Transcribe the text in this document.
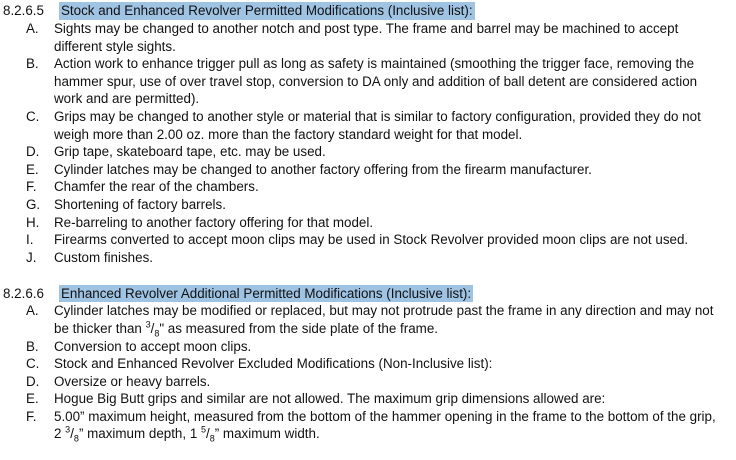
8.2.6.5	Stock and Enhanced Revolver Permitted Modifications (Inclusive list):
A.	Sights may be changed to another notch and post type. The frame and barrel may be machined to accept different style sights.
B.	Action work to enhance trigger pull as long as safety is maintained (smoothing the trigger face, removing the hammer spur, use of over travel stop, conversion to DA only and addition of ball detent are considered action work and are permitted).
C.	Grips may be changed to another style or material that is similar to factory configuration, provided they do not weigh more than 2.00 oz. more than the factory standard weight for that model.
D.	Grip tape, skateboard tape, etc. may be used.
E.	Cylinder latches may be changed to another factory offering from the firearm manufacturer.
F.	Chamfer the rear of the chambers.
G.	Shortening of factory barrels.
H.	Re-barreling to another factory offering for that model.
I.	Firearms converted to accept moon clips may be used in Stock Revolver provided moon clips are not used.
J.	Custom finishes.
8.2.6.6	Enhanced Revolver Additional Permitted Modifications (Inclusive list):
A.	Cylinder latches may be modified or replaced, but may not protrude past the frame in any direction and may not be thicker than $^3/_8$" as measured from the side plate of the frame.
B.	Conversion to accept moon clips.
C.	Stock and Enhanced Revolver Excluded Modifications (Non-Inclusive list):
D.	Oversize or heavy barrels.
E.	Hogue Big Butt grips and similar are not allowed. The maximum grip dimensions allowed are:
F.	5.00” maximum height, measured from the bottom of the hammer opening in the frame to the bottom of the grip, 2 $^3/_8$” maximum depth, 1 $^5/_8$” maximum width.
